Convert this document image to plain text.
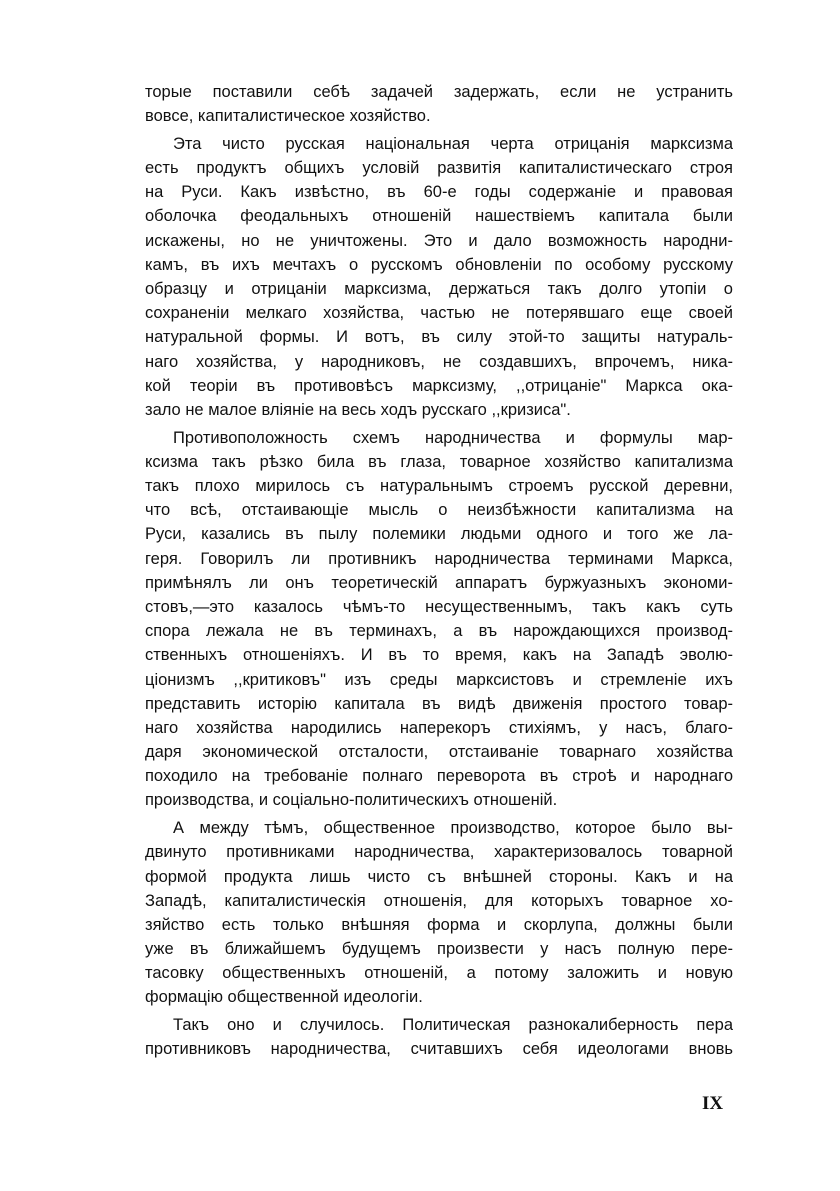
торые поставили себѣ задачей задержать, если не устранить
вовсе, капиталистическое хозяйство.
Эта чисто русская національная черта отрицанія марксизма
есть продуктъ общихъ условій развитія капиталистическаго строя
на Руси. Какъ извѣстно, въ 60-е годы содержаніе и правовая
оболочка феодальныхъ отношеній нашествіемъ капитала были
искажены, но не уничтожены. Это и дало возможность народни-
камъ, въ ихъ мечтахъ о русскомъ обновленіи по особому русскому
образцу и отрицаніи марксизма, держаться такъ долго утопіи о
сохраненіи мелкаго хозяйства, частью не потерявшаго еще своей
натуральной формы. И вотъ, въ силу этой-то защиты натураль-
наго хозяйства, у народниковъ, не создавшихъ, впрочемъ, ника-
кой теоріи въ противовѣсъ марксизму, ,,отрицаніе" Маркса ока-
зало не малое вліяніе на весь ходъ русскаго ,,кризиса".
Противоположность схемъ народничества и формулы мар-
ксизма такъ рѣзко била въ глаза, товарное хозяйство капитализма
такъ плохо мирилось съ натуральнымъ строемъ русской деревни,
что всѣ, отстаивающіе мысль о неизбѣжности капитализма на
Руси, казались въ пылу полемики людьми одного и того же ла-
геря. Говорилъ ли противникъ народничества терминами Маркса,
примѣнялъ ли онъ теоретическій аппаратъ буржуазныхъ экономи-
стовъ,—это казалось чѣмъ-то несущественнымъ, такъ какъ суть
спора лежала не въ терминахъ, а въ нарождающихся производ-
ственныхъ отношеніяхъ. И въ то время, какъ на Западѣ эволю-
ціонизмъ ,,критиковъ" изъ среды марксистовъ и стремленіе ихъ
представить исторію капитала въ видѣ движенія простого товар-
наго хозяйства народились наперекоръ стихіямъ, у насъ, благо-
даря экономической отсталости, отстаиваніе товарнаго хозяйства
походило на требованіе полнаго переворота въ строѣ и народнаго
производства, и соціально-политическихъ отношеній.
А между тѣмъ, общественное производство, которое было вы-
двинуто противниками народничества, характеризовалось товарной
формой продукта лишь чисто съ внѣшней стороны. Какъ и на
Западѣ, капиталистическія отношенія, для которыхъ товарное хо-
зяйство есть только внѣшняя форма и скорлупа, должны были
уже въ ближайшемъ будущемъ произвести у насъ полную пере-
тасовку общественныхъ отношеній, а потому заложить и новую
формацію общественной идеологіи.
Такъ оно и случилось. Политическая разнокалиберность пера
противниковъ народничества, считавшихъ себя идеологами вновь
IX
